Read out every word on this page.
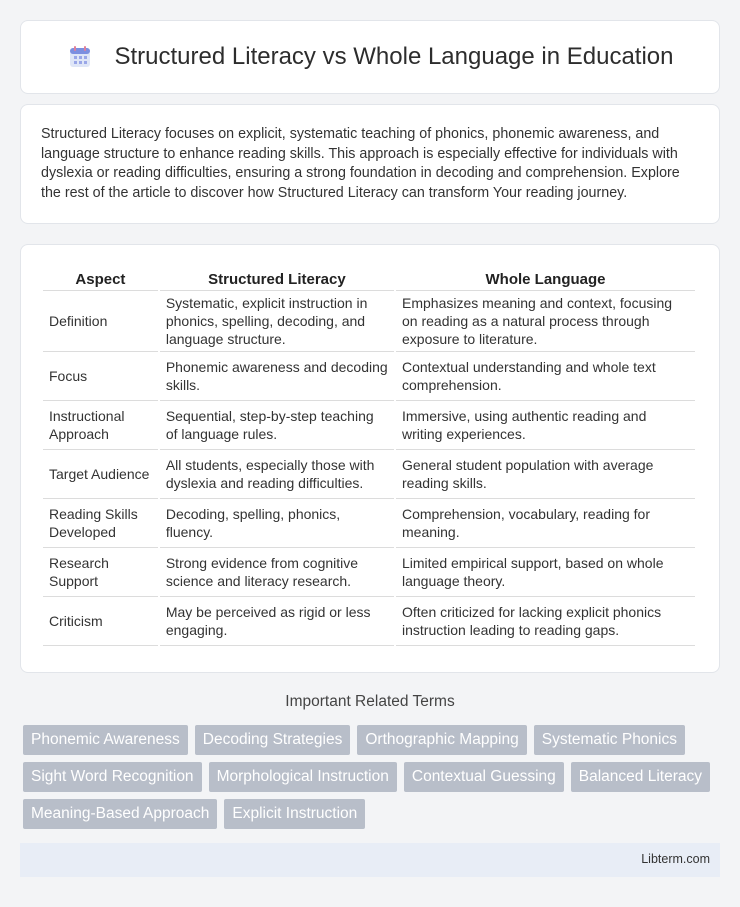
Structured Literacy vs Whole Language in Education

Structured Literacy focuses on explicit, systematic teaching of phonics, phonemic awareness, and language structure to enhance reading skills. This approach is especially effective for individuals with dyslexia or reading difficulties, ensuring a strong foundation in decoding and comprehension. Explore the rest of the article to discover how Structured Literacy can transform Your reading journey.

Aspect	Structured Literacy	Whole Language
Definition	Systematic, explicit instruction in phonics, spelling, decoding, and language structure.	Emphasizes meaning and context, focusing on reading as a natural process through exposure to literature.
Focus	Phonemic awareness and decoding skills.	Contextual understanding and whole text comprehension.
Instructional Approach	Sequential, step-by-step teaching of language rules.	Immersive, using authentic reading and writing experiences.
Target Audience	All students, especially those with dyslexia and reading difficulties.	General student population with average reading skills.
Reading Skills Developed	Decoding, spelling, phonics, fluency.	Comprehension, vocabulary, reading for meaning.
Research Support	Strong evidence from cognitive science and literacy research.	Limited empirical support, based on whole language theory.
Criticism	May be perceived as rigid or less engaging.	Often criticized for lacking explicit phonics instruction leading to reading gaps.
Important Related Terms
Phonemic Awareness	Decoding Strategies	Orthographic Mapping	Systematic Phonics
Sight Word Recognition	Morphological Instruction	Contextual Guessing	Balanced Literacy
Meaning-Based Approach	Explicit Instruction
Libterm.com
